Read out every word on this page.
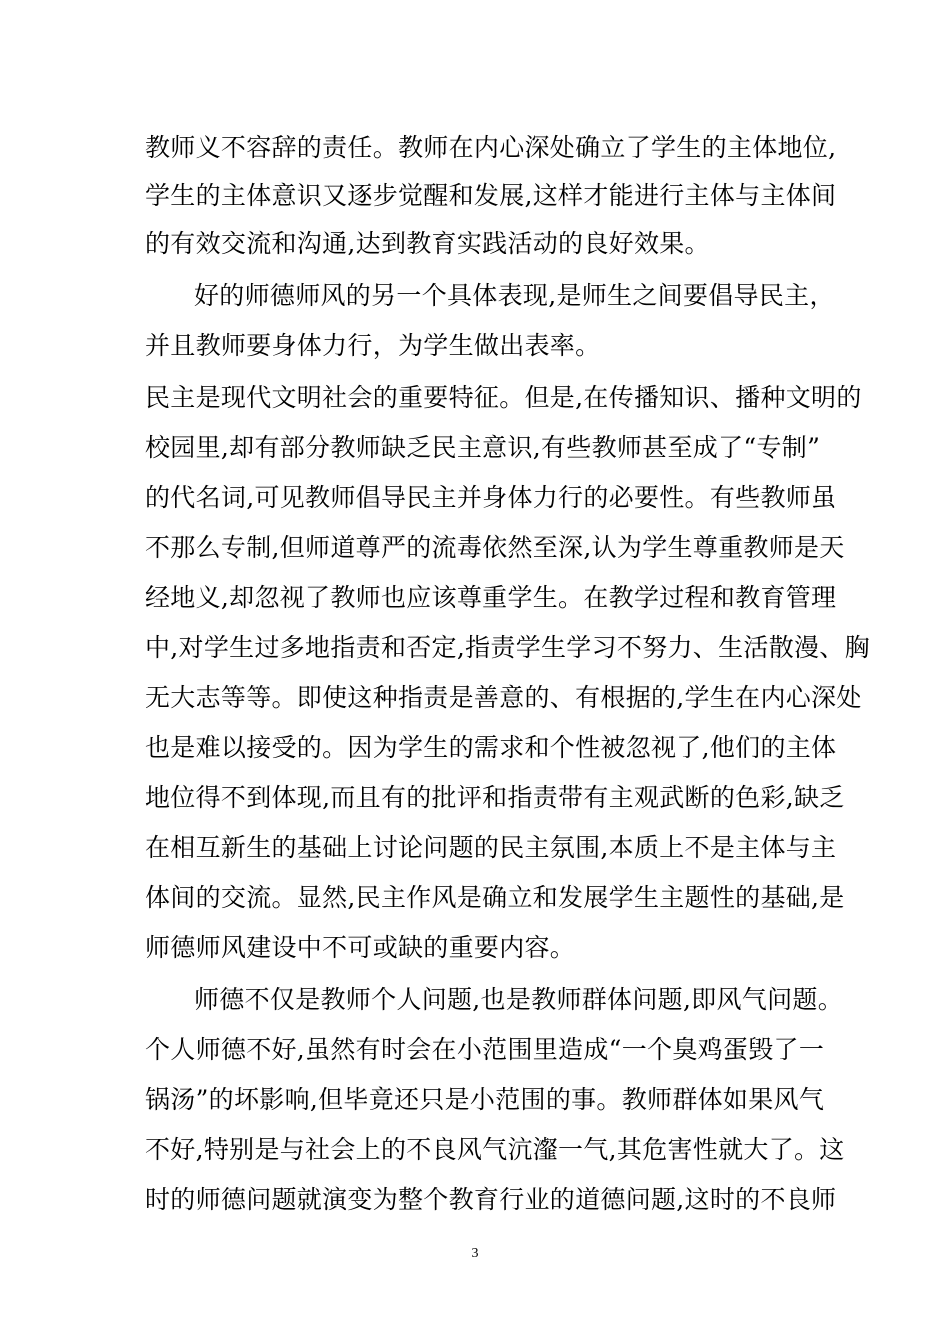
教师义不容辞的责任。教师在内心深处确立了学生的主体地位,
学生的主体意识又逐步觉醒和发展,这样才能进行主体与主体间
的有效交流和沟通,达到教育实践活动的良好效果。
好的师德师风的另一个具体表现,是师生之间要倡导民主，
并且教师要身体力行，为学生做出表率。
民主是现代文明社会的重要特征。但是,在传播知识、播种文明的
校园里,却有部分教师缺乏民主意识,有些教师甚至成了“专制”
的代名词,可见教师倡导民主并身体力行的必要性。有些教师虽
不那么专制,但师道尊严的流毒依然至深,认为学生尊重教师是天
经地义,却忽视了教师也应该尊重学生。在教学过程和教育管理
中,对学生过多地指责和否定,指责学生学习不努力、生活散漫、胸
无大志等等。即使这种指责是善意的、有根据的,学生在内心深处
也是难以接受的。因为学生的需求和个性被忽视了,他们的主体
地位得不到体现,而且有的批评和指责带有主观武断的色彩,缺乏
在相互新生的基础上讨论问题的民主氛围,本质上不是主体与主
体间的交流。显然,民主作风是确立和发展学生主题性的基础,是
师德师风建设中不可或缺的重要内容。
师德不仅是教师个人问题,也是教师群体问题,即风气问题。
个人师德不好,虽然有时会在小范围里造成“一个臭鸡蛋毁了一
锅汤”的坏影响,但毕竟还只是小范围的事。教师群体如果风气
不好,特别是与社会上的不良风气沆瀣一气,其危害性就大了。这
时的师德问题就演变为整个教育行业的道德问题,这时的不良师
3
